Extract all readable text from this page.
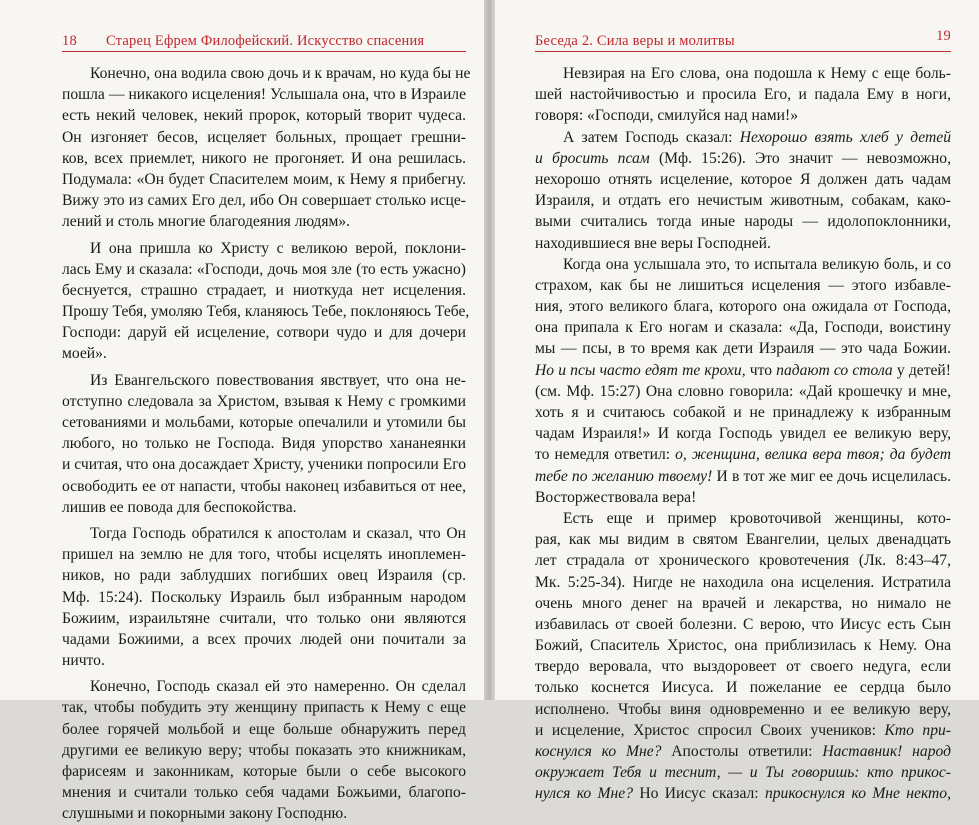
18 Старец Ефрем Филофейский. Искусство спасения
Конечно, она водила свою дочь и к врачам, но куда бы не
пошла — никакого исцеления! Услышала она, что в Израиле
есть некий человек, некий пророк, который творит чудеса.
Он изгоняет бесов, исцеляет больных, прощает грешни-
ков, всех приемлет, никого не прогоняет. И она решилась.
Подумала: «Он будет Спасителем моим, к Нему я прибегну.
Вижу это из самих Его дел, ибо Он совершает столько исце-
лений и столь многие благодеяния людям».
И она пришла ко Христу с великою верой, поклони-
лась Ему и сказала: «Господи, дочь моя зле (то есть ужасно)
беснуется, страшно страдает, и ниоткуда нет исцеления.
Прошу Тебя, умоляю Тебя, кланяюсь Тебе, поклоняюсь Тебе,
Господи: даруй ей исцеление, сотвори чудо и для дочери
моей».
Из Евангельского повествования явствует, что она не-
отступно следовала за Христом, взывая к Нему с громкими
сетованиями и мольбами, которые опечалили и утомили бы
любого, но только не Господа. Видя упорство хананеянки
и считая, что она досаждает Христу, ученики попросили Его
освободить ее от напасти, чтобы наконец избавиться от нее,
лишив ее повода для беспокойства.
Тогда Господь обратился к апостолам и сказал, что Он
пришел на землю не для того, чтобы исцелять иноплемен-
ников, но ради заблудших погибших овец Израиля (ср.
Мф. 15:24). Поскольку Израиль был избранным народом
Божиим, израильтяне считали, что только они являются
чадами Божиими, а всех прочих людей они почитали за
ничто.
Конечно, Господь сказал ей это намеренно. Он сделал
так, чтобы побудить эту женщину припасть к Нему с еще
более горячей мольбой и еще больше обнаружить перед
другими ее великую веру; чтобы показать это книжникам,
фарисеям и законникам, которые были о себе высокого
мнения и считали только себя чадами Божьими, благопо-
слушными и покорными закону Господню.
Беседа 2. Сила веры и молитвы	19
Невзирая на Его слова, она подошла к Нему с еще боль-
шей настойчивостью и просила Его, и падала Ему в ноги,
говоря: «Господи, смилуйся над нами!»
А затем Господь сказал: Нехорошо взять хлеб у детей
и бросить псам (Мф. 15:26). Это значит — невозможно,
нехорошо отнять исцеление, которое Я должен дать чадам
Израиля, и отдать его нечистым животным, собакам, како-
выми считались тогда иные народы — идолопоклонники,
находившиеся вне веры Господней.
Когда она услышала это, то испытала великую боль, и со
страхом, как бы не лишиться исцеления — этого избавле-
ния, этого великого блага, которого она ожидала от Господа,
она припала к Его ногам и сказала: «Да, Господи, воистину
мы — псы, в то время как дети Израиля — это чада Божии.
Но и псы часто едят те крохи, что падают со стола у детей!
(см. Мф. 15:27) Она словно говорила: «Дай крошечку и мне,
хоть я и считаюсь собакой и не принадлежу к избранным
чадам Израиля!» И когда Господь увидел ее великую веру,
то немедля ответил: о, женщина, велика вера твоя; да будет
тебе по желанию твоему! И в тот же миг ее дочь исцелилась.
Восторжествовала вера!
Есть еще и пример кровоточивой женщины, кото-
рая, как мы видим в святом Евангелии, целых двенадцать
лет страдала от хронического кровотечения (Лк. 8:43–47,
Мк. 5:25-34). Нигде не находила она исцеления. Истратила
очень много денег на врачей и лекарства, но нимало не
избавилась от своей болезни. С верою, что Иисус есть Сын
Божий, Спаситель Христос, она приблизилась к Нему. Она
твердо веровала, что выздоровеет от своего недуга, если
только коснется Иисуса. И пожелание ее сердца было
исполнено. Чтобы виня одновременно и ее великую веру,
и исцеление, Христос спросил Своих учеников: Кто при-
коснулся ко Мне? Апостолы ответили: Наставник! народ
окружает Тебя и теснит, — и Ты говоришь: кто прикос-
нулся ко Мне? Но Иисус сказал: прикоснулся ко Мне некто,
